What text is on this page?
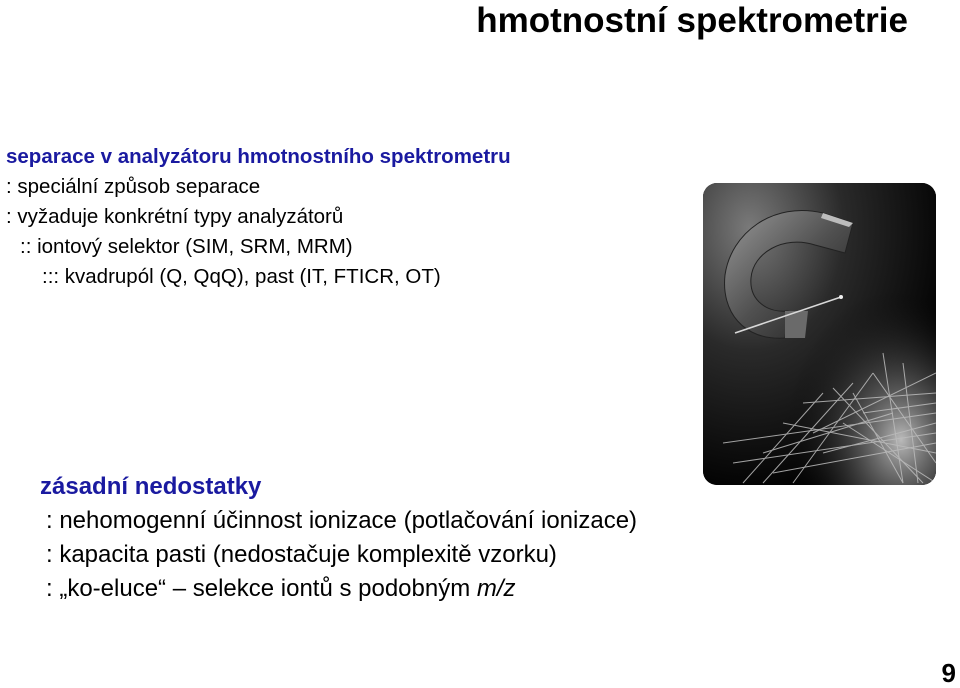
hmotnostní spektrometrie
separace v analyzátoru hmotnostního spektrometru
: speciální způsob separace
: vyžaduje konkrétní typy analyzátorů
:: iontový selektor (SIM, SRM, MRM)
::: kvadrupól (Q, QqQ), past (IT, FTICR, OT)
zásadní nedostatky
: nehomogenní účinnost ionizace (potlačování ionizace)
: kapacita pasti (nedostačuje komplexitě vzorku)
: „ko-eluce“ – selekce iontů s podobným m/z
9
